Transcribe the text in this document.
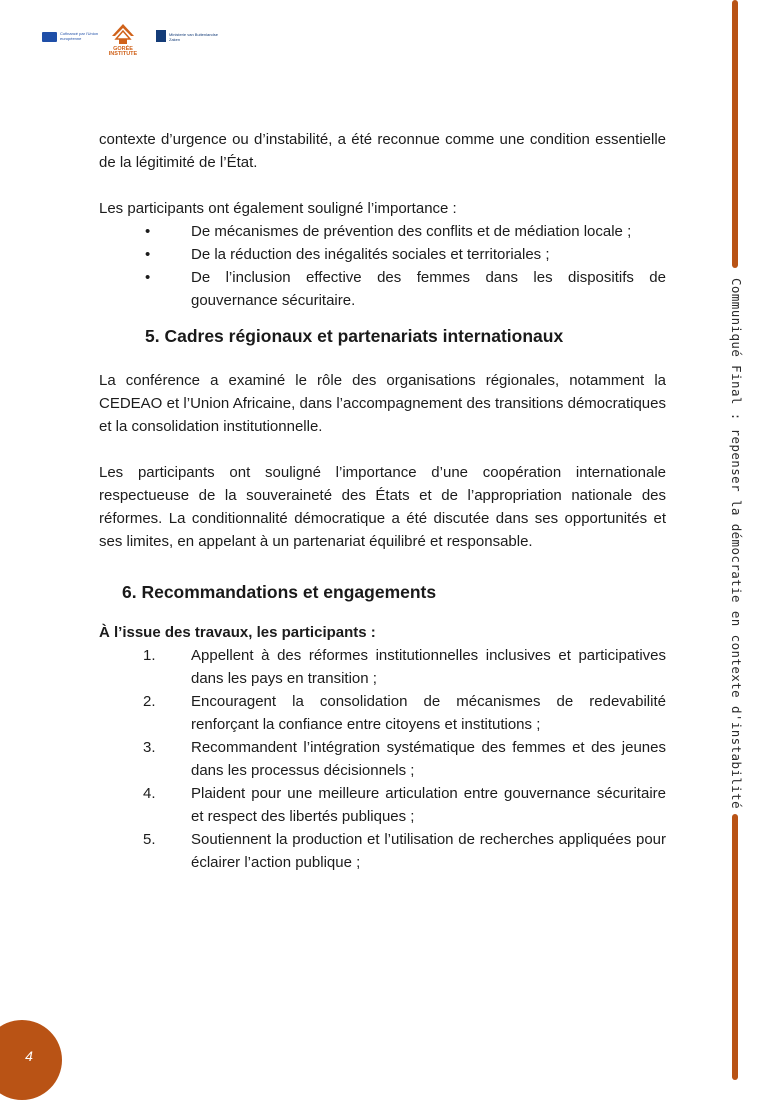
Cofinancé par l'Union européenne
GORÉE INSTITUTE
Ministerie van Buitenlandse Zaken
Communiqué Final : repenser la démocratie en contexte d'instabilité

contexte d’urgence ou d’instabilité, a été reconnue comme une condition essentielle de la légitimité de l’État.

Les participants ont également souligné l’importance :

•	De mécanismes de prévention des conflits et de médiation locale ;
•	De la réduction des inégalités sociales et territoriales ;
•	De l’inclusion effective des femmes dans les dispositifs de gouvernance sécuritaire.
5. Cadres régionaux et partenariats internationaux

La conférence a examiné le rôle des organisations régionales, notamment la CEDEAO et l’Union Africaine, dans l’accompagnement des transitions démocratiques et la consolidation institutionnelle.

Les participants ont souligné l’importance d’une coopération internationale respectueuse de la souveraineté des États et de l’appropriation nationale des réformes. La conditionnalité démocratique a été discutée dans ses opportunités et ses limites, en appelant à un partenariat équilibré et responsable.

6. Recommandations et engagements

À l’issue des travaux, les participants :

1.	Appellent à des réformes institutionnelles inclusives et participatives dans les pays en transition ;
2.	Encouragent la consolidation de mécanismes de redevabilité renforçant la confiance entre citoyens et institutions ;
3.	Recommandent l’intégration systématique des femmes et des jeunes dans les processus décisionnels ;
4.	Plaident pour une meilleure articulation entre gouvernance sécuritaire et respect des libertés publiques ;
5.	Soutiennent la production et l’utilisation de recherches appliquées pour éclairer l’action publique ;
4
